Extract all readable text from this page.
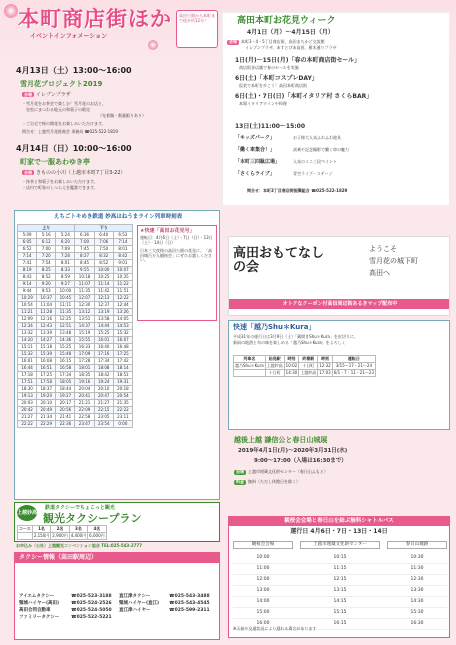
本町商店街ほか
イベントインフォメーション
高田公園から本町まで徒歩約12分！
4月13日（土）13:00〜16:00
雪月花プロジェクト2019
会場 イレブンプラザ
・雪月花をお茶会で楽しむ！雪月花のお店と、
皇室にまつわる地元の和菓子の販売
（先着順・数量限りあり）
・ご自宅で桜の開花をお楽しみいただけます。
問合せ：上越雪月花推進会 事務局 ☎025-522-1819
4月14日（日）10:00〜16:00
町家で一服あわゆき亭
会場 きものの小川（上越市本町7丁目3-22）
・抹茶と和菓子をお楽しみいただけます。
・店内で町家のしつらえを鑑賞できます。
高田本町お花見ウィーク
4月1日（月）〜4月15日（月）
会場 本町3・4・5丁目商店街、高田まちかど交流館
イレブンプラザ、あすとぴあ高田、雁木通りプラザ
1日(月)〜15日(月)「春の本町商店街セール」
商店街各店舗で春のセールを実施
6日(土)「本町コスプレDAY」
仮装で本町を歩こう！高田本町商店街
6日(土)・7日(日)「本町イタリア村 さくらBAR」
本場イタリアワインや料理
13日(土)11:00〜15:00
「キッズパーク」	お子様大人気ふわふわ遊具
「働く車集合！」	試乗や記念撮影で働く車の魅力
「本町三四駄広場」	人気のミニ三段ペイント
「さくらライブ」	青空ライブ・ステージ
問合せ：本町3丁目商店街振興組合 ☎025-522-1829
えちごトキめき鉄道 妙高はねうまライン列車時刻表
上り			下り		
5:09	5:16	5:24	6:36	6:40	6:52
6:05	6:12	6:20	7:00	7:06	7:14
6:52	7:00	7:09	7:45	7:50	8:01
7:14	7:20	7:28	8:27	8:32	8:42
7:41	7:54	8:01	8:45	8:52	9:01
8:19	8:25	8:33	9:55	10:00	10:07
8:43	8:52	8:59	10:18	10:25	10:35
9:14	9:20	9:27	11:07	11:14	11:22
9:44	9:53	10:00	11:35	11:42	11:51
10:29	10:37	10:45	12:07	12:13	12:22
10:54	11:04	11:11	12:30	12:37	12:44
11:21	11:28	11:35	13:12	13:19	13:26
12:09	12:16	12:25	13:51	13:58	14:05
12:34	12:43	12:51	14:37	14:44	14:53
13:32	13:39	13:48	15:19	15:25	15:32
14:20	14:27	14:36	15:55	16:01	16:07
15:11	15:18	15:25	16:33	16:40	16:48
15:32	15:39	15:48	17:09	17:16	17:25
16:01	16:08	16:15	17:28	17:34	17:42
16:44	16:51	16:58	18:01	18:08	18:14
17:18	17:25	17:34	18:35	18:42	18:51
17:51	17:58	18:05	19:16	19:24	19:31
18:30	18:37	18:44	20:04	20:10	20:18
19:13	19:20	19:27	20:41	20:47	20:54
20:03	20:10	20:17	21:21	21:27	21:35
20:42	20:49	20:56	22:09	22:15	22:22
21:27	21:34	21:41	22:58	23:05	23:11
22:22	22:29	22:36	23:47	23:54	0:00
★快速「高田お花見号」
運転日：4月6日（土）・7日（日）・13日（土）・14日（日）
日本三大夜桜の高田公園の花見に、「高田城百万人観桜会」にぜひお越しください。
上越妙高
鉄道タクシーでちょこっと観光
観光タクシープラン
コース	1名	2名	3名	4名
	2,150円	2,900円	4,400円	6,000円
お申込み（公社）上越観光コンベンション協会 TEL:025-543-2777
タクシー情報（高田駅周辺）
アイエムタクシー	☎025-523-3188	直江津タクシー	☎025-543-3488
頸城ハイヤー(高田)	☎025-524-2526	頸城ハイヤー(直江)	☎025-543-4545
高田合同自動車	☎025-524-5050	直江津ハイヤー	☎025-599-2311
ファミリータクシー	☎025-522-5221
高田おもてなしの会
ようこそ
雪月花の城下町
高田へ
オトクなクーポン付高田周辺街あるきマップ配布中
快速「越乃Shu＊Kura」
平成31年の運行日は3月9日（土）「蔵開きShu＊Kura」を皮切りに、
新潟の地酒と旬の味を楽しめる「越乃Shu＊Kura」をよろしく
列車名	始発駅	時刻	終着駅	時刻	運転日
越乃Shu＊Kura	上越妙高	10:02	十日町	12:32	3/15〜17・21〜24
	十日町	14:30	上越妙高	17:03	6/1・7・11・21〜23
越後上越 謙信公と春日山城展
2019年4月1日(月)〜2020年3月31日(水)
9:00〜17:00（入場は16:30まで）
会場 上越市埋蔵文化財センター（春日山ふもと）
料金 無料（ただし休館日を除く）
観桜会会場と春日山を結ぶ無料シャトルバス
運行日 4月6日・7日・13日・14日
観桜会会場	上越市埋蔵文化財センター	春日山城跡
10:00	10:15	10:30
11:00	11:15	11:30
12:00	12:15	12:30
13:00	13:15	13:30
14:00	14:15	14:30
15:00	15:15	15:30
16:00	16:15	16:30
※天候や交通状況により遅れる場合があります
